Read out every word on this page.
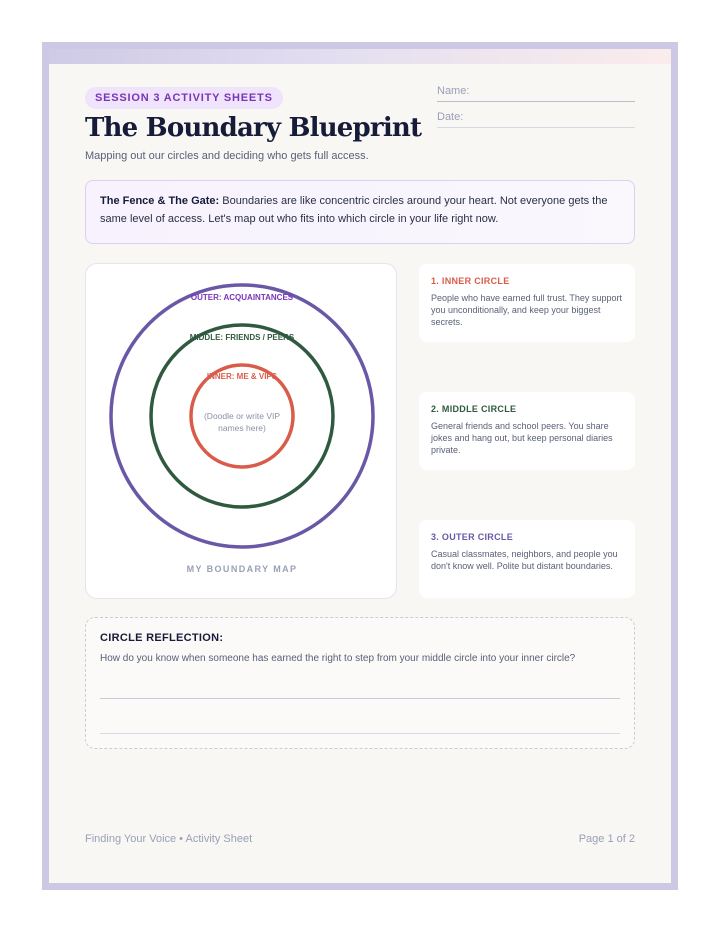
SESSION 3 ACTIVITY SHEETS
The Boundary Blueprint
Mapping out our circles and deciding who gets full access.
Name:
Date:
The Fence & The Gate: Boundaries are like concentric circles around your heart. Not everyone gets the same level of access. Let's map out who fits into which circle in your life right now.
OUTER: ACQUAINTANCES
MIDDLE: FRIENDS / PEERS
INNER: ME & VIPS
(Doodle or write VIP
names here)
MY BOUNDARY MAP
1. INNER CIRCLE
People who have earned full trust. They support you unconditionally, and keep your biggest secrets.
2. MIDDLE CIRCLE
General friends and school peers. You share jokes and hang out, but keep personal diaries private.
3. OUTER CIRCLE
Casual classmates, neighbors, and people you don't know well. Polite but distant boundaries.
CIRCLE REFLECTION:
How do you know when someone has earned the right to step from your middle circle into your inner circle?
Finding Your Voice • Activity Sheet	Page 1 of 2
